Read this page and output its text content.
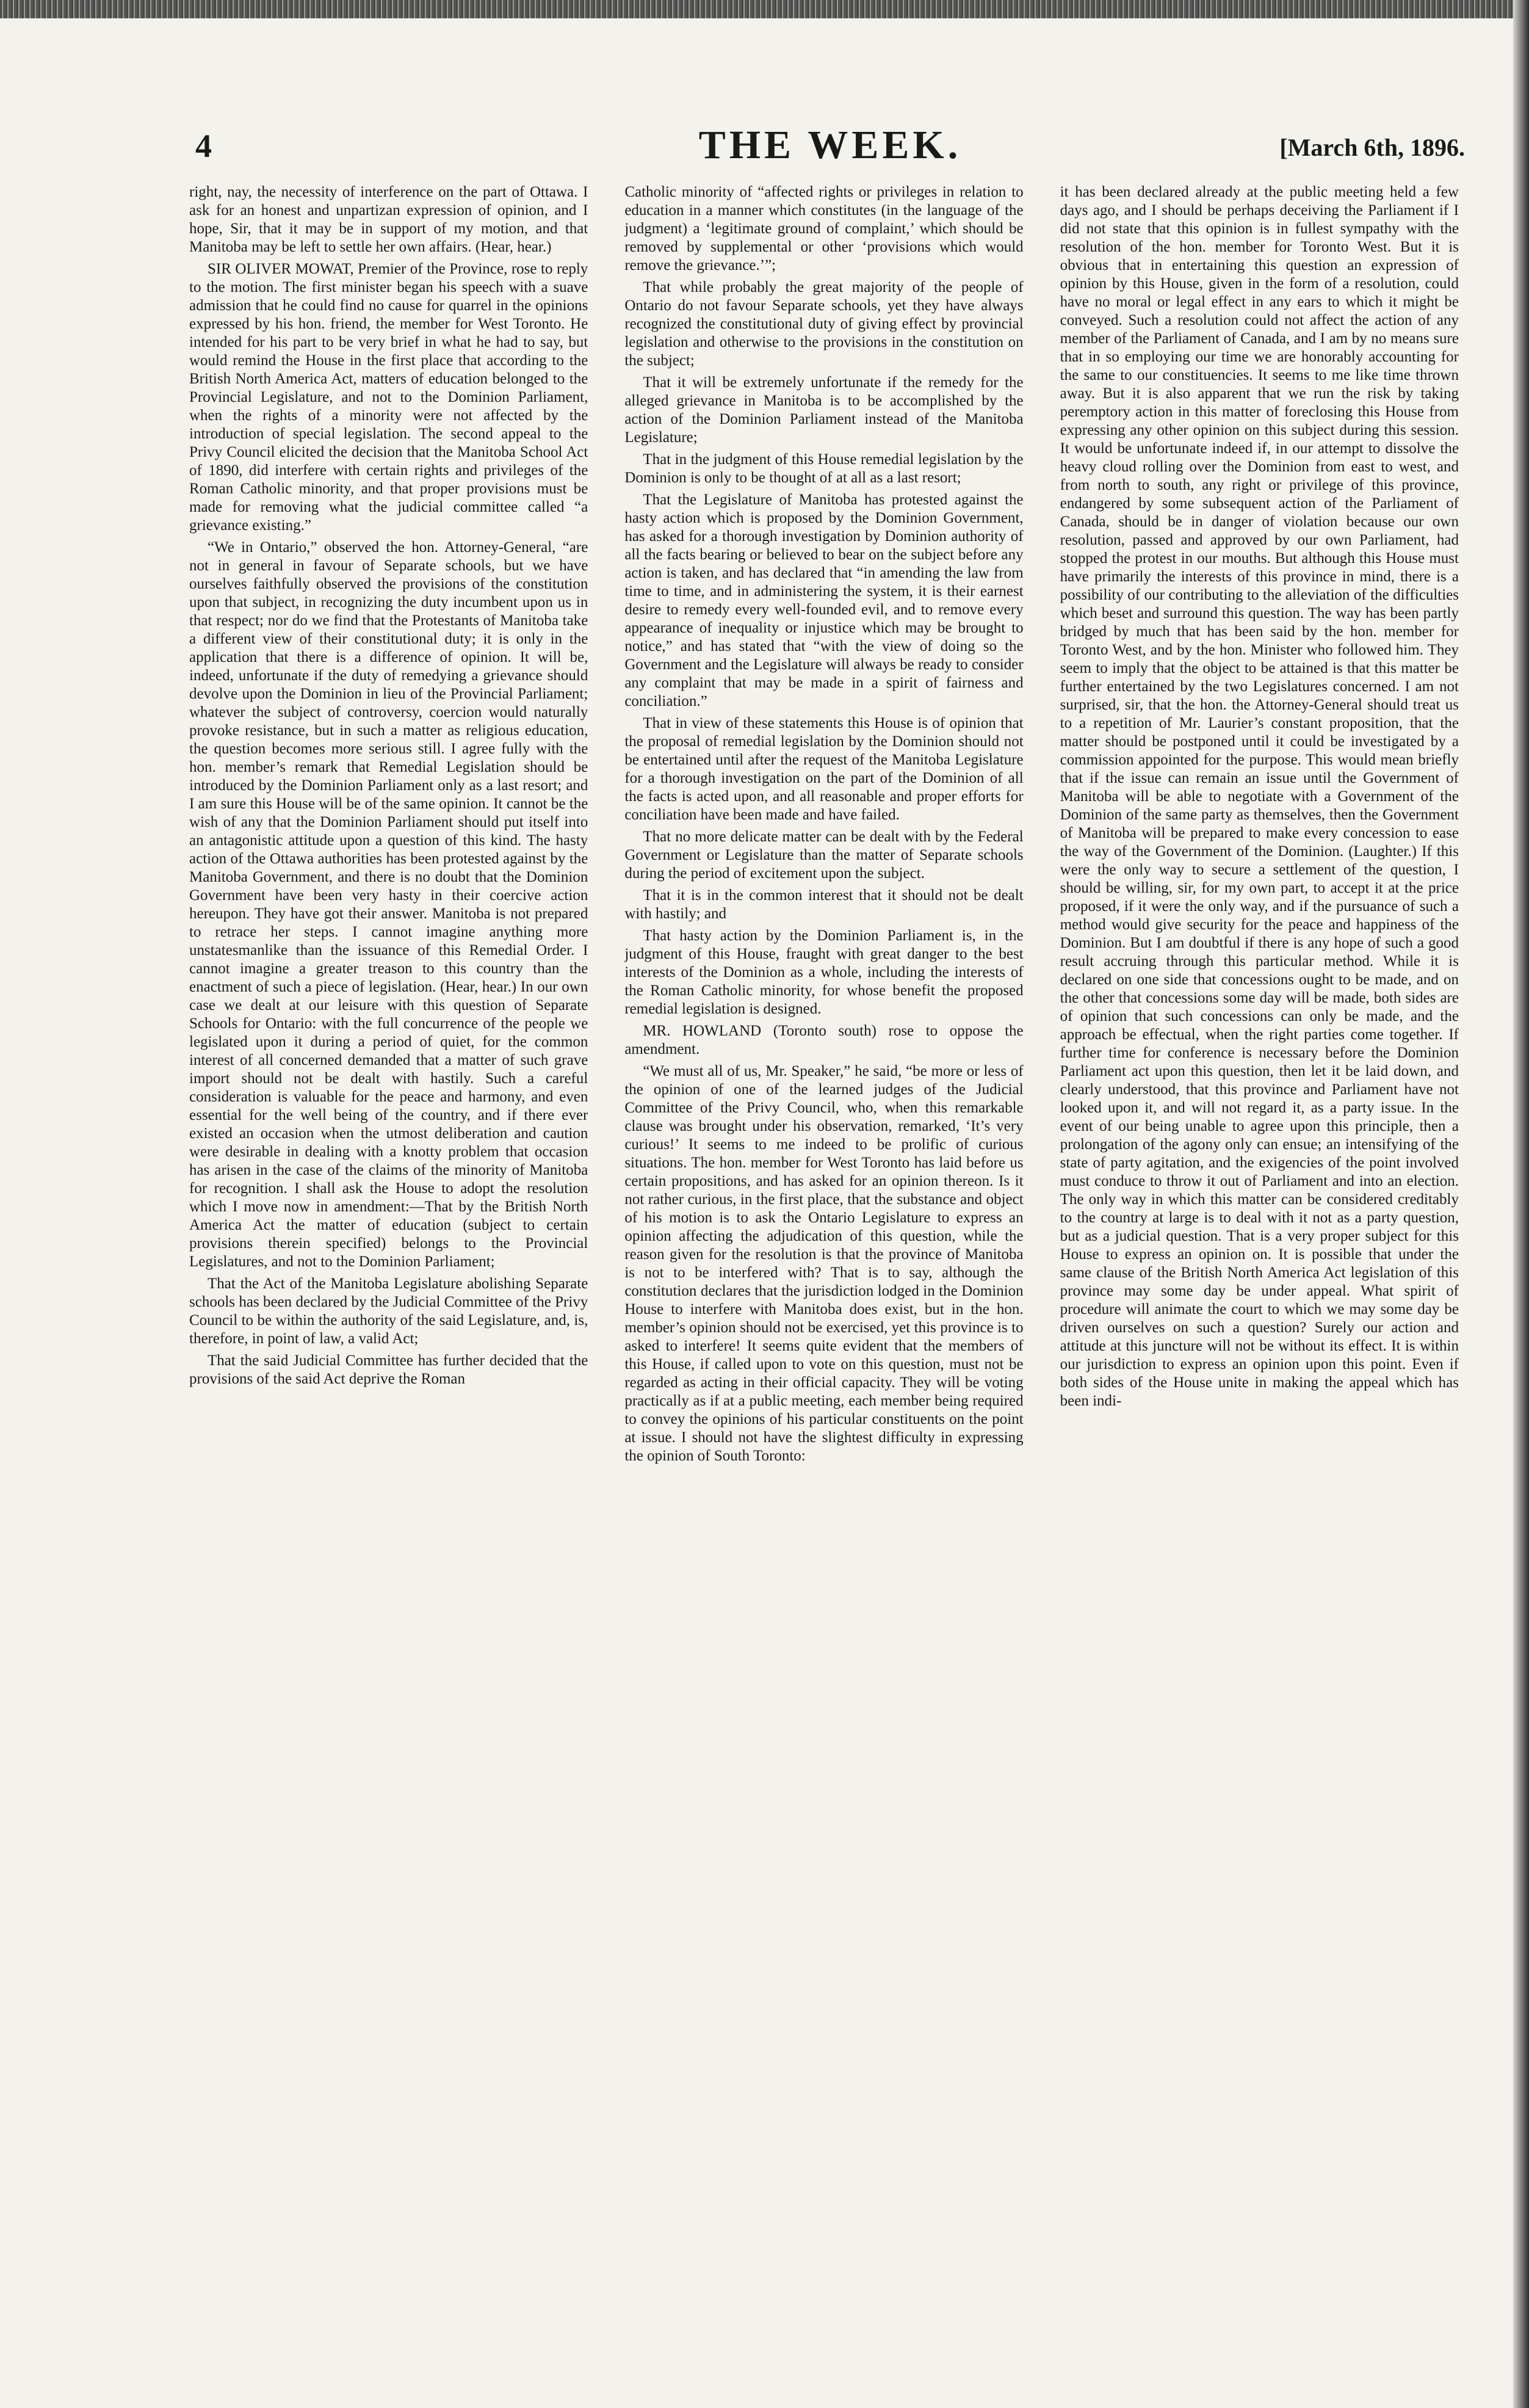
4	THE WEEK.	[March 6th, 1896.

right, nay, the necessity of interference on the part of Ottawa. I ask for an honest and unpartizan expression of opinion, and I hope, Sir, that it may be in support of my motion, and that Manitoba may be left to settle her own affairs. (Hear, hear.)

SIR OLIVER MOWAT, Premier of the Province, rose to reply to the motion. The first minister began his speech with a suave admission that he could find no cause for quarrel in the opinions expressed by his hon. friend, the member for West Toronto. He intended for his part to be very brief in what he had to say, but would remind the House in the first place that according to the British North America Act, matters of education belonged to the Provincial Legislature, and not to the Dominion Parliament, when the rights of a minority were not affected by the introduction of special legislation. The second appeal to the Privy Council elicited the decision that the Manitoba School Act of 1890, did interfere with certain rights and privileges of the Roman Catholic minority, and that proper provisions must be made for removing what the judicial committee called “a grievance existing.”

“We in Ontario,” observed the hon. Attorney-General, “are not in general in favour of Separate schools, but we have ourselves faithfully observed the provisions of the constitution upon that subject, in recognizing the duty incumbent upon us in that respect; nor do we find that the Protestants of Manitoba take a different view of their constitutional duty; it is only in the application that there is a difference of opinion. It will be, indeed, unfortunate if the duty of remedying a grievance should devolve upon the Dominion in lieu of the Provincial Parliament; whatever the subject of controversy, coercion would naturally provoke resistance, but in such a matter as religious education, the question becomes more serious still. I agree fully with the hon. member’s remark that Remedial Legislation should be introduced by the Dominion Parliament only as a last resort; and I am sure this House will be of the same opinion. It cannot be the wish of any that the Dominion Parliament should put itself into an antagonistic attitude upon a question of this kind. The hasty action of the Ottawa authorities has been protested against by the Manitoba Government, and there is no doubt that the Dominion Government have been very hasty in their coercive action hereupon. They have got their answer. Manitoba is not prepared to retrace her steps. I cannot imagine anything more unstatesmanlike than the issuance of this Remedial Order. I cannot imagine a greater treason to this country than the enactment of such a piece of legislation. (Hear, hear.) In our own case we dealt at our leisure with this question of Separate Schools for Ontario: with the full concurrence of the people we legislated upon it during a period of quiet, for the common interest of all concerned demanded that a matter of such grave import should not be dealt with hastily. Such a careful consideration is valuable for the peace and harmony, and even essential for the well being of the country, and if there ever existed an occasion when the utmost deliberation and caution were desirable in dealing with a knotty problem that occasion has arisen in the case of the claims of the minority of Manitoba for recognition. I shall ask the House to adopt the resolution which I move now in amendment:—That by the British North America Act the matter of education (subject to certain provisions therein specified) belongs to the Provincial Legislatures, and not to the Dominion Parliament;

That the Act of the Manitoba Legislature abolishing Separate schools has been declared by the Judicial Committee of the Privy Council to be within the authority of the said Legislature, and, is, therefore, in point of law, a valid Act;

That the said Judicial Committee has further decided that the provisions of the said Act deprive the Roman

Catholic minority of “affected rights or privileges in relation to education in a manner which constitutes (in the language of the judgment) a ‘legitimate ground of complaint,’ which should be removed by supplemental or other ‘provisions which would remove the grievance.’”;

That while probably the great majority of the people of Ontario do not favour Separate schools, yet they have always recognized the constitutional duty of giving effect by provincial legislation and otherwise to the provisions in the constitution on the subject;

That it will be extremely unfortunate if the remedy for the alleged grievance in Manitoba is to be accomplished by the action of the Dominion Parliament instead of the Manitoba Legislature;

That in the judgment of this House remedial legislation by the Dominion is only to be thought of at all as a last resort;

That the Legislature of Manitoba has protested against the hasty action which is proposed by the Dominion Government, has asked for a thorough investigation by Dominion authority of all the facts bearing or believed to bear on the subject before any action is taken, and has declared that “in amending the law from time to time, and in administering the system, it is their earnest desire to remedy every well-founded evil, and to remove every appearance of inequality or injustice which may be brought to notice,” and has stated that “with the view of doing so the Government and the Legislature will always be ready to consider any complaint that may be made in a spirit of fairness and conciliation.”

That in view of these statements this House is of opinion that the proposal of remedial legislation by the Dominion should not be entertained until after the request of the Manitoba Legislature for a thorough investigation on the part of the Dominion of all the facts is acted upon, and all reasonable and proper efforts for conciliation have been made and have failed.

That no more delicate matter can be dealt with by the Federal Government or Legislature than the matter of Separate schools during the period of excitement upon the subject.

That it is in the common interest that it should not be dealt with hastily; and

That hasty action by the Dominion Parliament is, in the judgment of this House, fraught with great danger to the best interests of the Dominion as a whole, including the interests of the Roman Catholic minority, for whose benefit the proposed remedial legislation is designed.

MR. HOWLAND (Toronto south) rose to oppose the amendment.

“We must all of us, Mr. Speaker,” he said, “be more or less of the opinion of one of the learned judges of the Judicial Committee of the Privy Council, who, when this remarkable clause was brought under his observation, remarked, ‘It’s very curious!’ It seems to me indeed to be prolific of curious situations. The hon. member for West Toronto has laid before us certain propositions, and has asked for an opinion thereon. Is it not rather curious, in the first place, that the substance and object of his motion is to ask the Ontario Legislature to express an opinion affecting the adjudication of this question, while the reason given for the resolution is that the province of Manitoba is not to be interfered with? That is to say, although the constitution declares that the jurisdiction lodged in the Dominion House to interfere with Manitoba does exist, but in the hon. member’s opinion should not be exercised, yet this province is to asked to interfere! It seems quite evident that the members of this House, if called upon to vote on this question, must not be regarded as acting in their official capacity. They will be voting practically as if at a public meeting, each member being required to convey the opinions of his particular constituents on the point at issue. I should not have the slightest difficulty in expressing the opinion of South Toronto:

it has been declared already at the public meeting held a few days ago, and I should be perhaps deceiving the Parliament if I did not state that this opinion is in fullest sympathy with the resolution of the hon. member for Toronto West. But it is obvious that in entertaining this question an expression of opinion by this House, given in the form of a resolution, could have no moral or legal effect in any ears to which it might be conveyed. Such a resolution could not affect the action of any member of the Parliament of Canada, and I am by no means sure that in so employing our time we are honorably accounting for the same to our constituencies. It seems to me like time thrown away. But it is also apparent that we run the risk by taking peremptory action in this matter of foreclosing this House from expressing any other opinion on this subject during this session. It would be unfortunate indeed if, in our attempt to dissolve the heavy cloud rolling over the Dominion from east to west, and from north to south, any right or privilege of this province, endangered by some subsequent action of the Parliament of Canada, should be in danger of violation because our own resolution, passed and approved by our own Parliament, had stopped the protest in our mouths. But although this House must have primarily the interests of this province in mind, there is a possibility of our contributing to the alleviation of the difficulties which beset and surround this question. The way has been partly bridged by much that has been said by the hon. member for Toronto West, and by the hon. Minister who followed him. They seem to imply that the object to be attained is that this matter be further entertained by the two Legislatures concerned. I am not surprised, sir, that the hon. the Attorney-General should treat us to a repetition of Mr. Laurier’s constant proposition, that the matter should be postponed until it could be investigated by a commission appointed for the purpose. This would mean briefly that if the issue can remain an issue until the Government of Manitoba will be able to negotiate with a Government of the Dominion of the same party as themselves, then the Government of Manitoba will be prepared to make every concession to ease the way of the Government of the Dominion. (Laughter.) If this were the only way to secure a settlement of the question, I should be willing, sir, for my own part, to accept it at the price proposed, if it were the only way, and if the pursuance of such a method would give security for the peace and happiness of the Dominion. But I am doubtful if there is any hope of such a good result accruing through this particular method. While it is declared on one side that concessions ought to be made, and on the other that concessions some day will be made, both sides are of opinion that such concessions can only be made, and the approach be effectual, when the right parties come together. If further time for conference is necessary before the Dominion Parliament act upon this question, then let it be laid down, and clearly understood, that this province and Parliament have not looked upon it, and will not regard it, as a party issue. In the event of our being unable to agree upon this principle, then a prolongation of the agony only can ensue; an intensifying of the state of party agitation, and the exigencies of the point involved must conduce to throw it out of Parliament and into an election. The only way in which this matter can be considered creditably to the country at large is to deal with it not as a party question, but as a judicial question. That is a very proper subject for this House to express an opinion on. It is possible that under the same clause of the British North America Act legislation of this province may some day be under appeal. What spirit of procedure will animate the court to which we may some day be driven ourselves on such a question? Surely our action and attitude at this juncture will not be without its effect. It is within our jurisdiction to express an opinion upon this point. Even if both sides of the House unite in making the appeal which has been indi-
